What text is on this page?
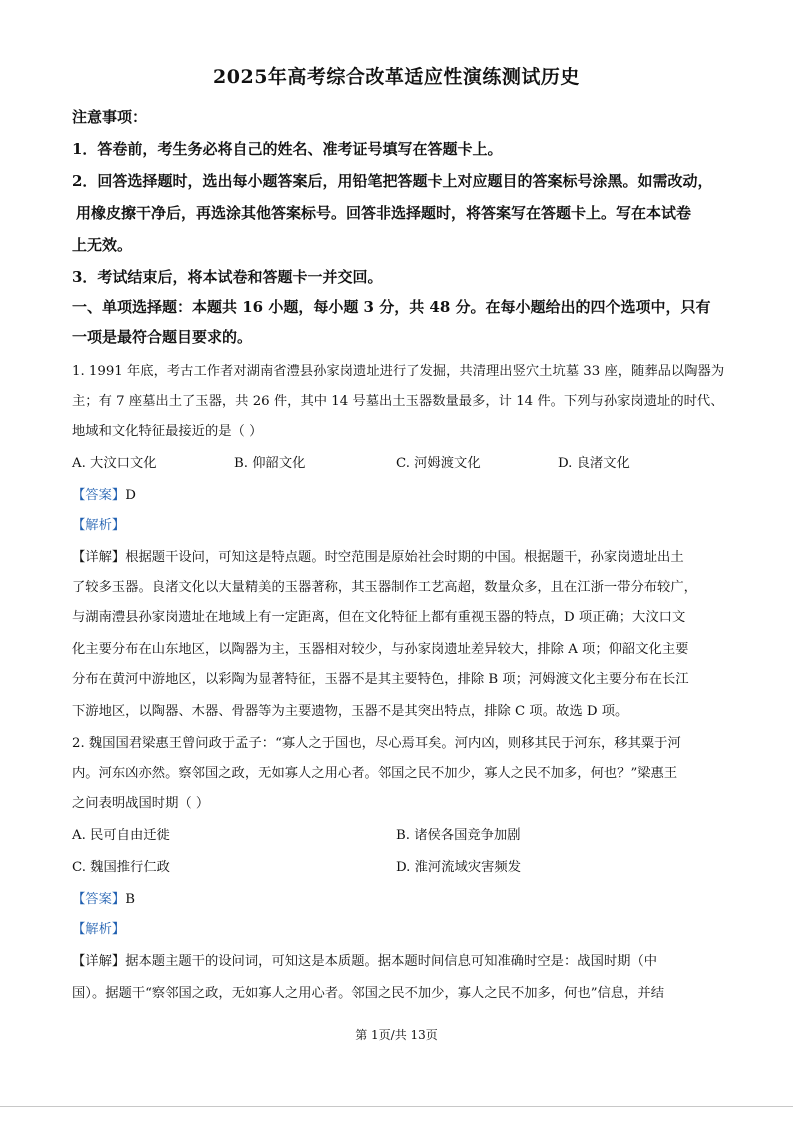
2025年高考综合改革适应性演练测试历史
注意事项：
1．答卷前，考生务必将自己的姓名、准考证号填写在答题卡上。
2．回答选择题时，选出每小题答案后，用铅笔把答题卡上对应题目的答案标号涂黑。如需改动，
用橡皮擦干净后，再选涂其他答案标号。回答非选择题时，将答案写在答题卡上。写在本试卷
上无效。
3．考试结束后，将本试卷和答题卡一并交回。
一、单项选择题：本题共 16 小题，每小题 3 分，共 48 分。在每小题给出的四个选项中，只有
一项是最符合题目要求的。
1. 1991 年底，考古工作者对湖南省澧县孙家岗遗址进行了发掘，共清理出竖穴土坑墓 33 座，随葬品以陶器为
主；有 7 座墓出土了玉器，共 26 件，其中 14 号墓出土玉器数量最多，计 14 件。下列与孙家岗遗址的时代、
地域和文化特征最接近的是（ ）
A. 大汶口文化	B. 仰韶文化	C. 河姆渡文化	D. 良渚文化
【答案】D
【解析】
【详解】根据题干设问，可知这是特点题。时空范围是原始社会时期的中国。根据题干，孙家岗遗址出土
了较多玉器。良渚文化以大量精美的玉器著称，其玉器制作工艺高超，数量众多，且在江浙一带分布较广，
与湖南澧县孙家岗遗址在地域上有一定距离，但在文化特征上都有重视玉器的特点，D 项正确；大汶口文
化主要分布在山东地区，以陶器为主，玉器相对较少，与孙家岗遗址差异较大，排除 A 项；仰韶文化主要
分布在黄河中游地区，以彩陶为显著特征，玉器不是其主要特色，排除 B 项；河姆渡文化主要分布在长江
下游地区，以陶器、木器、骨器等为主要遗物，玉器不是其突出特点，排除 C 项。故选 D 项。
2. 魏国国君梁惠王曾问政于孟子：“寡人之于国也，尽心焉耳矣。河内凶，则移其民于河东，移其粟于河
内。河东凶亦然。察邻国之政，无如寡人之用心者。邻国之民不加少，寡人之民不加多，何也？”梁惠王
之问表明战国时期（ ）
A. 民可自由迁徙	B. 诸侯各国竞争加剧
C. 魏国推行仁政	D. 淮河流域灾害频发
【答案】B
【解析】
【详解】据本题主题干的设问词，可知这是本质题。据本题时间信息可知准确时空是：战国时期（中
国）。据题干“察邻国之政，无如寡人之用心者。邻国之民不加少，寡人之民不加多，何也”信息，并结
第 1页/共 13页
